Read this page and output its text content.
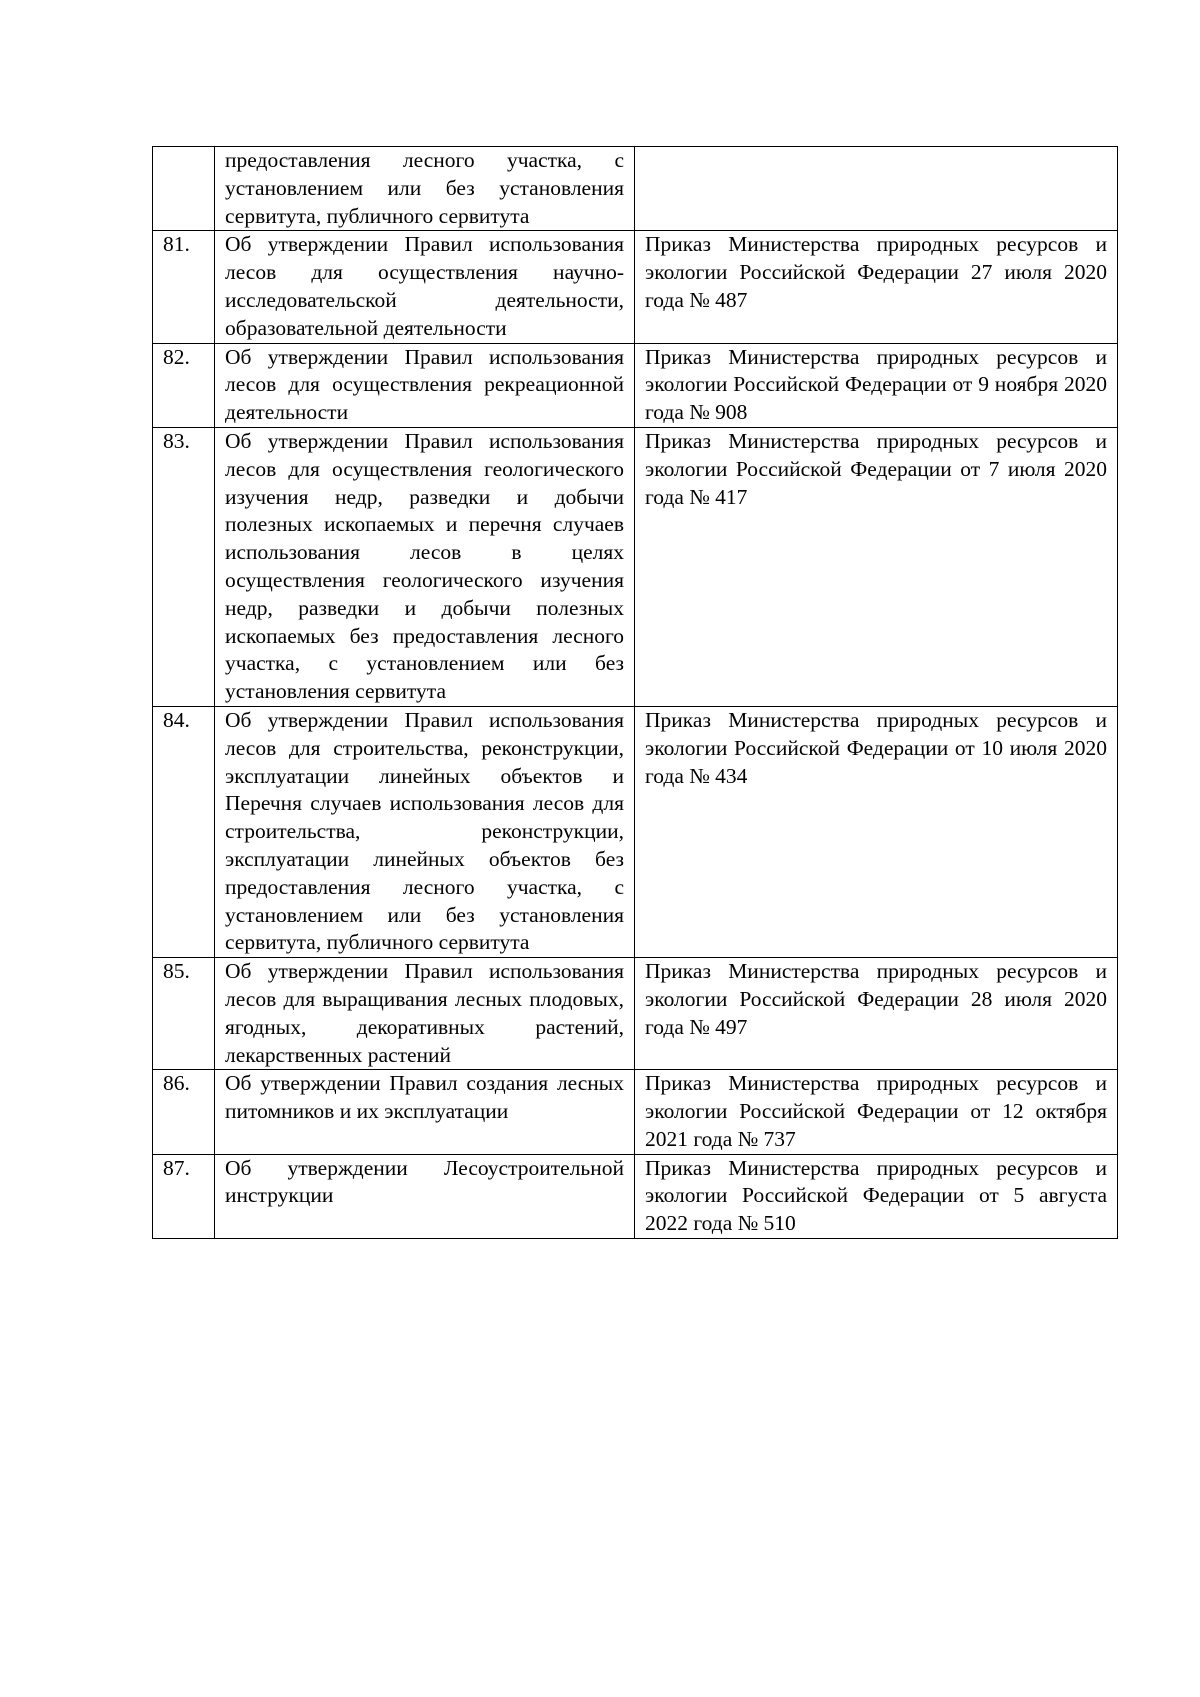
	предоставления лесного участка, с установлением или без установления сервитута, публичного сервитута	
81.	Об утверждении Правил использования лесов для осуществления научно-исследовательской деятельности, образовательной деятельности	Приказ Министерства природных ресурсов и экологии Российской Федерации 27 июля 2020 года № 487
82.	Об утверждении Правил использования лесов для осуществления рекреационной деятельности	Приказ Министерства природных ресурсов и экологии Российской Федерации от 9 ноября 2020 года № 908
83.	Об утверждении Правил использования лесов для осуществления геологического изучения недр, разведки и добычи полезных ископаемых и перечня случаев использования лесов в целях осуществления геологического изучения недр, разведки и добычи полезных ископаемых без предоставления лесного участка, с установлением или без установления сервитута	Приказ Министерства природных ресурсов и экологии Российской Федерации от 7 июля 2020 года № 417
84.	Об утверждении Правил использования лесов для строительства, реконструкции, эксплуатации линейных объектов и Перечня случаев использования лесов для строительства, реконструкции, эксплуатации линейных объектов без предоставления лесного участка, с установлением или без установления сервитута, публичного сервитута	Приказ Министерства природных ресурсов и экологии Российской Федерации от 10 июля 2020 года № 434
85.	Об утверждении Правил использования лесов для выращивания лесных плодовых, ягодных, декоративных растений, лекарственных растений	Приказ Министерства природных ресурсов и экологии Российской Федерации 28 июля 2020 года № 497
86.	Об утверждении Правил создания лесных питомников и их эксплуатации	Приказ Министерства природных ресурсов и экологии Российской Федерации от 12 октября 2021 года № 737
87.	Об утверждении Лесоустроительной инструкции	Приказ Министерства природных ресурсов и экологии Российской Федерации от 5 августа 2022 года № 510
